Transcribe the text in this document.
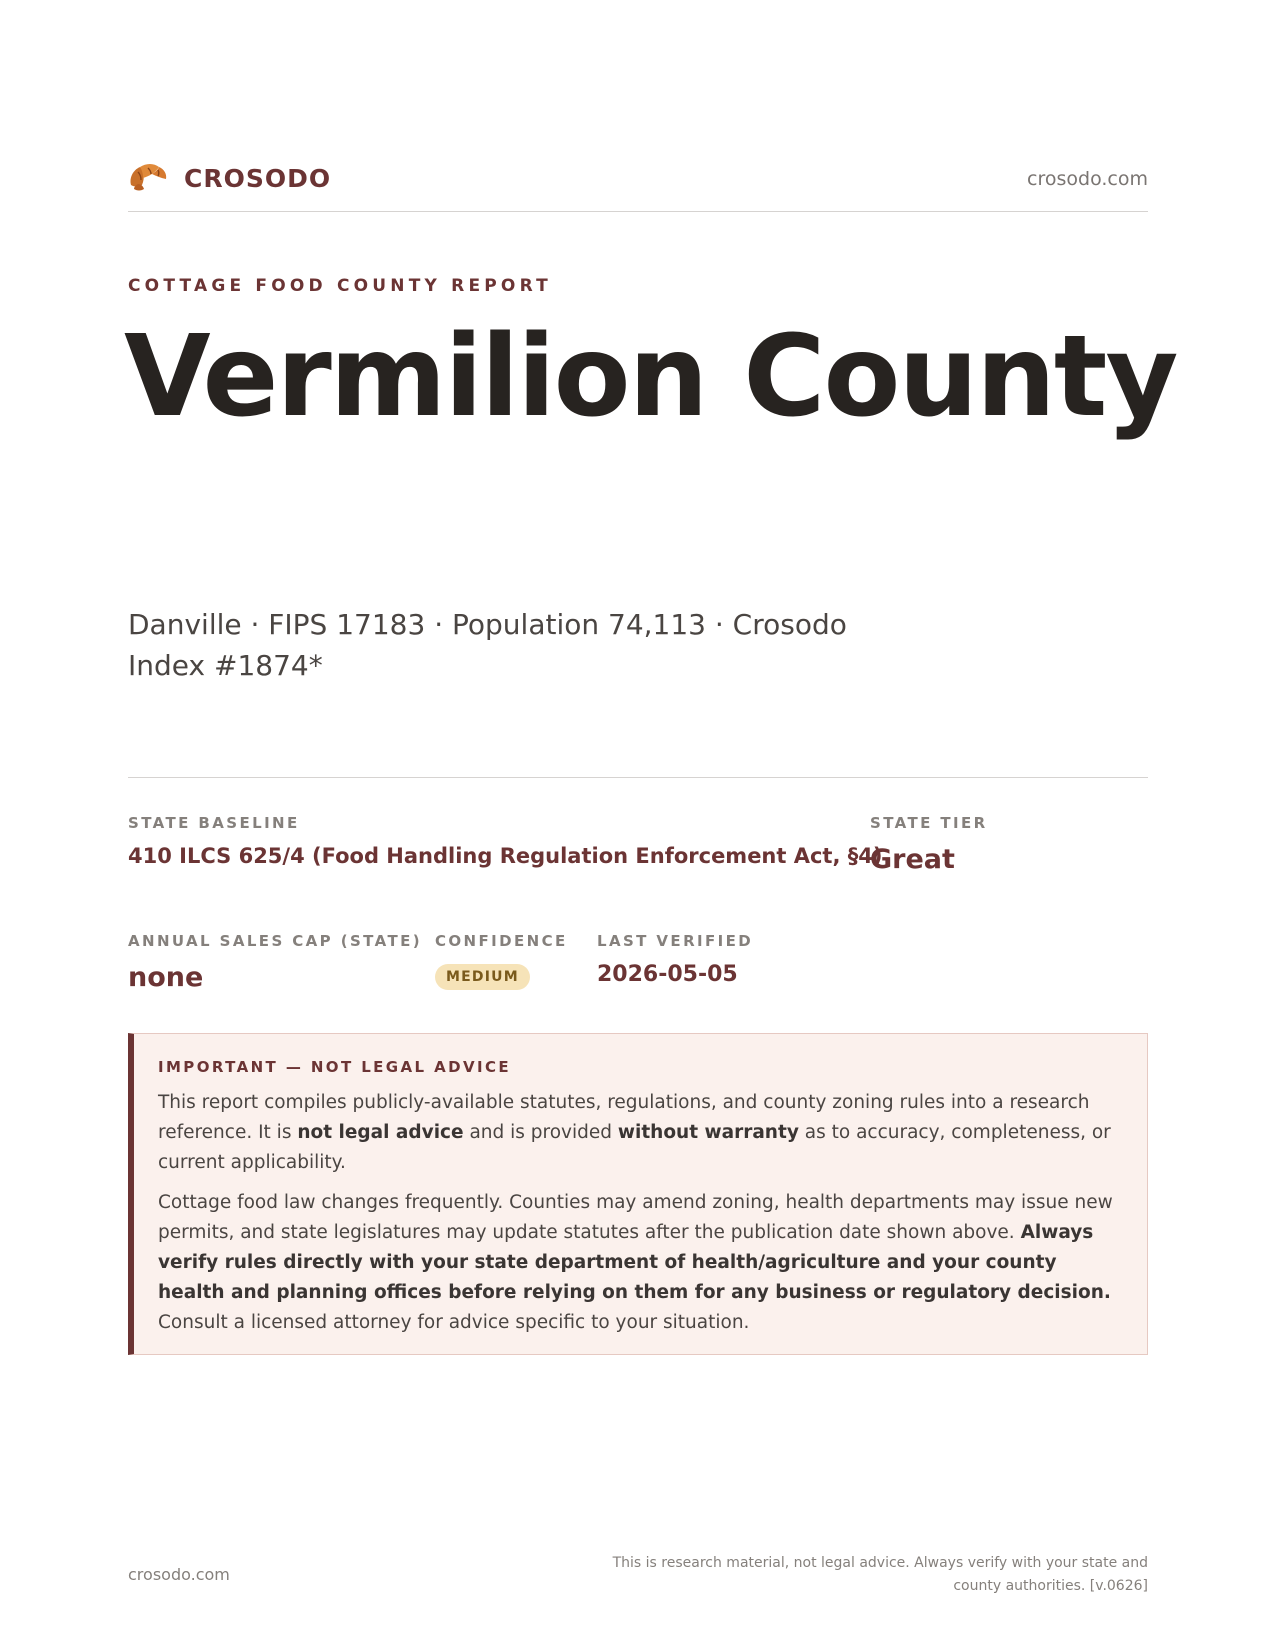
CROSODO	crosodo.com
COTTAGE FOOD COUNTY REPORT
Vermilion County
Danville · FIPS 17183 · Population 74,113 · Crosodo Index #1874*
STATE BASELINE
410 ILCS 625/4 (Food Handling Regulation Enforcement Act, §4)
STATE TIER
Great
ANNUAL SALES CAP (STATE)
none
CONFIDENCE
MEDIUM
LAST VERIFIED
2026-05-05
IMPORTANT — NOT LEGAL ADVICE

This report compiles publicly-available statutes, regulations, and county zoning rules into a research reference. It is not legal advice and is provided without warranty as to accuracy, completeness, or current applicability.

Cottage food law changes frequently. Counties may amend zoning, health departments may issue new permits, and state legislatures may update statutes after the publication date shown above. Always verify rules directly with your state department of health/agriculture and your county health and planning offices before relying on them for any business or regulatory decision. Consult a licensed attorney for advice specific to your situation.

crosodo.com
This is research material, not legal advice. Always verify with your state and county authorities. [v.0626]
